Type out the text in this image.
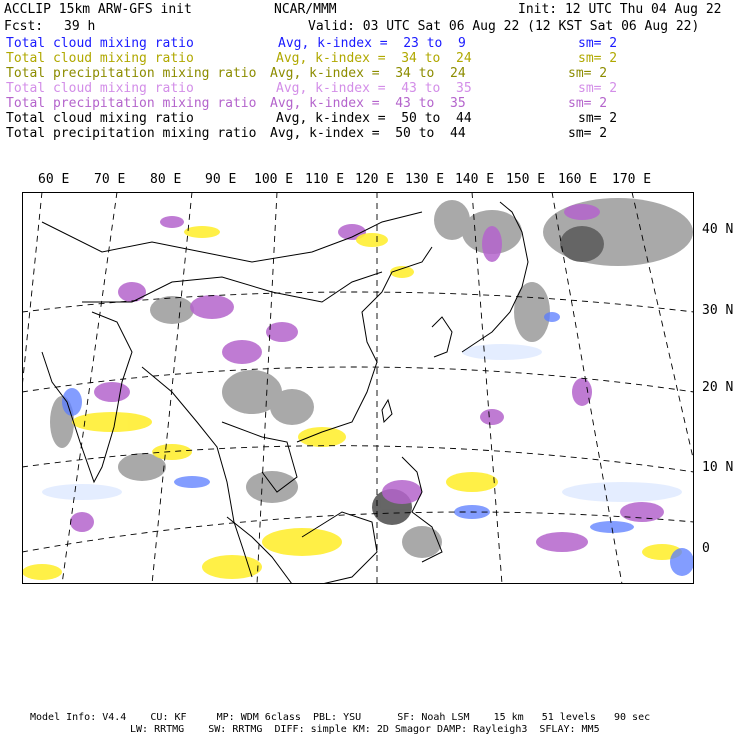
ACCLIP 15km ARW-GFS init	NCAR/MMM	Init: 12 UTC Thu 04 Aug 22
Fcst: 39 h	Valid: 03 UTC Sat 06 Aug 22 (12 KST Sat 06 Aug 22)
Total cloud mixing ratio	Avg, k-index =  23 to  9	sm= 2
Total cloud mixing ratio	Avg, k-index =  34 to  24	sm= 2
Total precipitation mixing ratio Avg, k-index =  34 to  24	sm= 2
Total cloud mixing ratio	Avg, k-index =  43 to  35	sm= 2
Total precipitation mixing ratio Avg, k-index =  43 to  35	sm= 2
Total cloud mixing ratio	Avg, k-index =  50 to  44	sm= 2
Total precipitation mixing ratio Avg, k-index =  50 to  44	sm= 2
60 E 70 E 80 E 90 E 100 E 110 E 120 E 130 E 140 E 150 E 160 E 170 E
40 N
30 N
20 N
10 N
0
Model Info: V4.4    CU: KF     MP: WDM 6class  PBL: YSU      SF: Noah LSM    15 km   51 levels   90 sec
LW: RRTMG    SW: RRTMG  DIFF: simple KM: 2D Smagor DAMP: Rayleigh3  SFLAY: MM5
